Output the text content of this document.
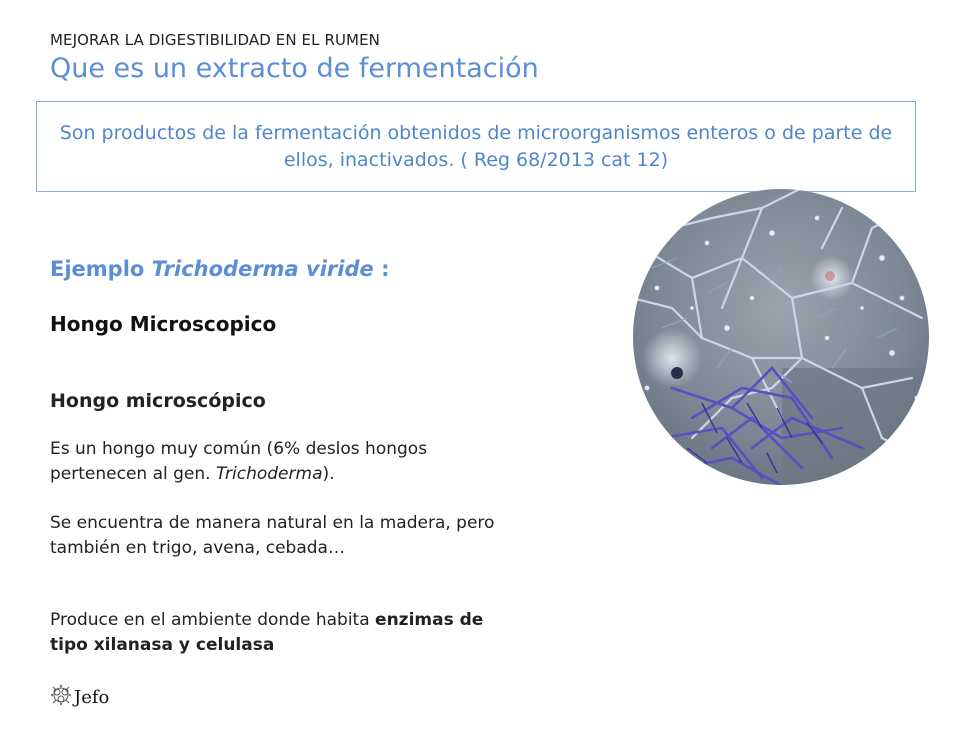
MEJORAR LA DIGESTIBILIDAD EN EL RUMEN
Que es un extracto de fermentación
Son productos de la fermentación obtenidos de microorganismos enteros o de parte de ellos, inactivados. ( Reg 68/2013 cat 12)
Ejemplo Trichoderma viride :
Hongo Microscopico
Hongo microscópico
Es un hongo muy común (6% deslos hongos pertenecen al gen. Trichoderma).
Se encuentra de manera natural en la madera, pero también en trigo, avena, cebada…
Produce en el ambiente donde habita enzimas de tipo xilanasa y celulasa
Jefo
